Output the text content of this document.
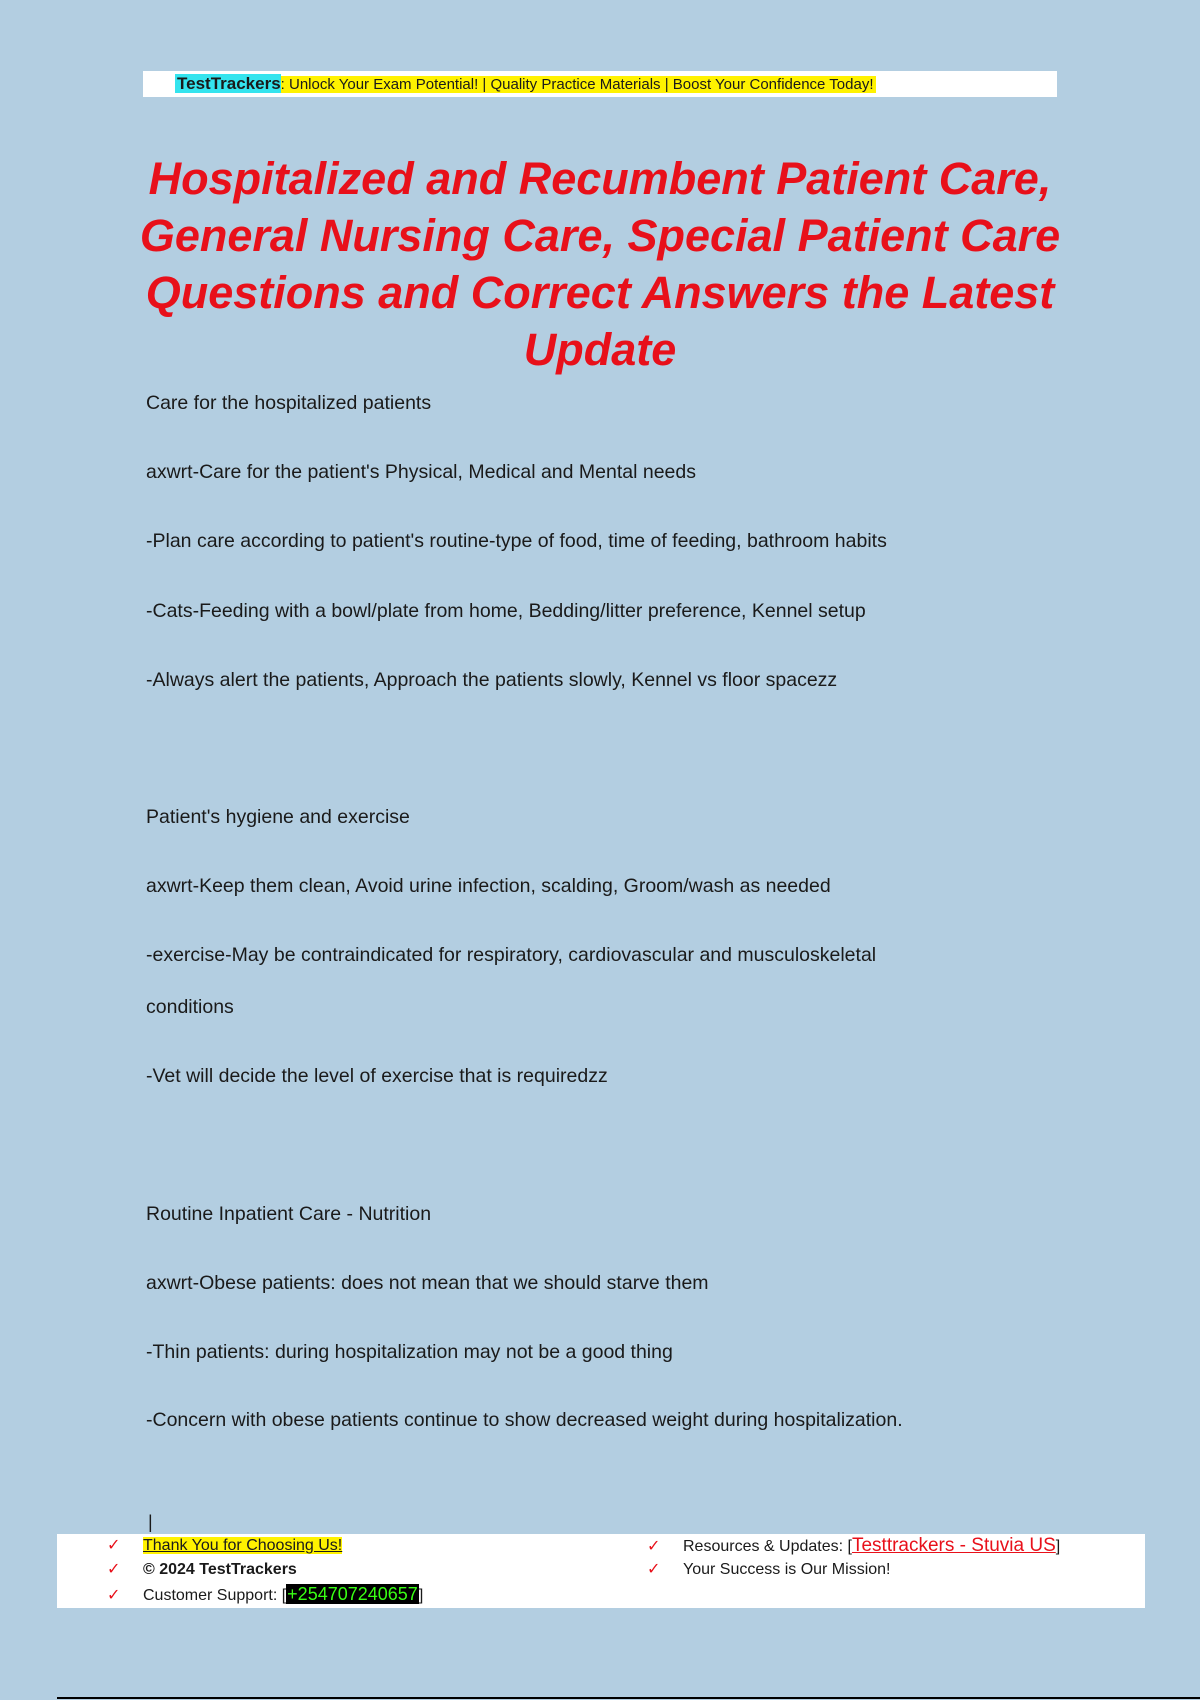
TestTrackers: Unlock Your Exam Potential! | Quality Practice Materials | Boost Your Confidence Today!
Hospitalized and Recumbent Patient Care,
General Nursing Care, Special Patient Care
Questions and Correct Answers the Latest
Update

Care for the hospitalized patients

axwrt-Care for the patient's Physical, Medical and Mental needs

-Plan care according to patient's routine-type of food, time of feeding, bathroom habits

-Cats-Feeding with a bowl/plate from home, Bedding/litter preference, Kennel setup

-Always alert the patients, Approach the patients slowly, Kennel vs floor spacezz

Patient's hygiene and exercise

axwrt-Keep them clean, Avoid urine infection, scalding, Groom/wash as needed

-exercise-May be contraindicated for respiratory, cardiovascular and musculoskeletal

conditions

-Vet will decide the level of exercise that is requiredzz

Routine Inpatient Care - Nutrition

axwrt-Obese patients: does not mean that we should starve them

-Thin patients: during hospitalization may not be a good thing

-Concern with obese patients continue to show decreased weight during hospitalization.

|
✓ Thank You for Choosing Us!
✓ © 2024 TestTrackers
✓ Customer Support: [+254707240657]
✓ Resources & Updates: [Testtrackers - Stuvia US]
✓ Your Success is Our Mission!
